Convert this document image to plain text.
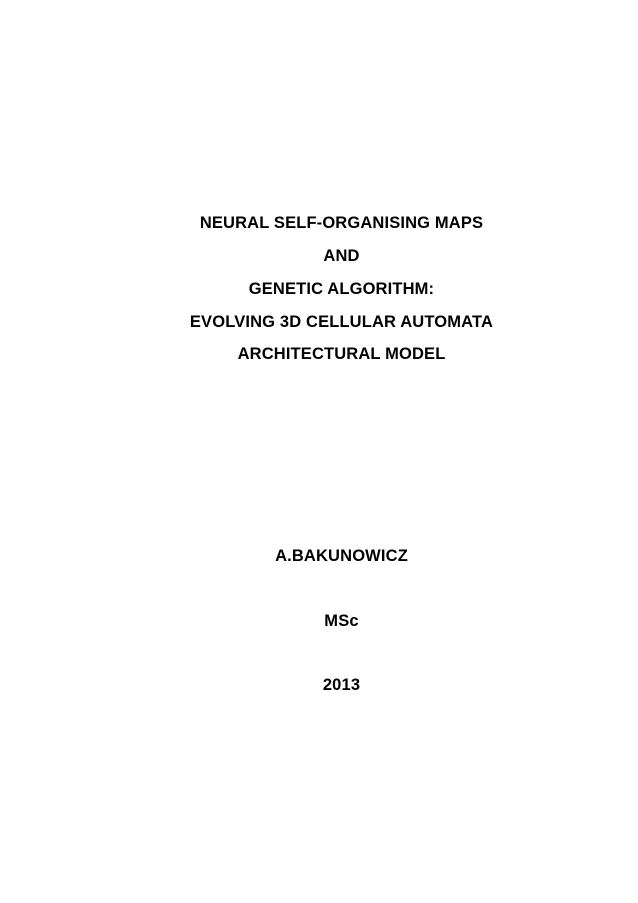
NEURAL SELF-ORGANISING MAPS
AND
GENETIC ALGORITHM:
EVOLVING 3D CELLULAR AUTOMATA
ARCHITECTURAL MODEL
A.BAKUNOWICZ
MSc
2013
